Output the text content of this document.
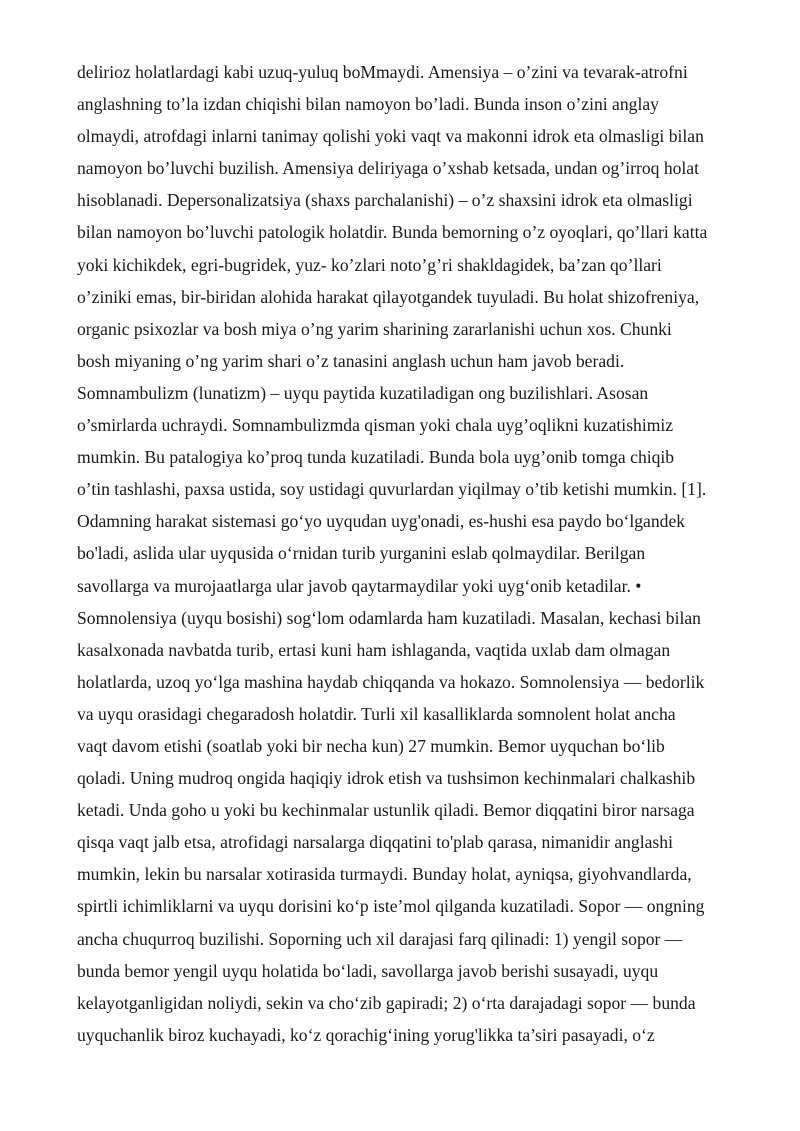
delirioz holatlardagi kabi uzuq-yuluq boMmaydi. Amensiya – o’zini va tevarak-atrofni
anglashning to’la izdan chiqishi bilan namoyon bo’ladi. Bunda inson o’zini anglay
olmaydi, atrofdagi inlarni tanimay qolishi yoki vaqt va makonni idrok eta olmasligi bilan
namoyon bo’luvchi buzilish. Amensiya deliriyaga o’xshab ketsada, undan og’irroq holat
hisoblanadi. Depersonalizatsiya (shaxs parchalanishi) – o’z shaxsini idrok eta olmasligi
bilan namoyon bo’luvchi patologik holatdir. Bunda bemorning o’z oyoqlari, qo’llari katta
yoki kichikdek, egri-bugridek, yuz- ko’zlari noto’g’ri shakldagidek, ba’zan qo’llari
o’ziniki emas, bir-biridan alohida harakat qilayotgandek tuyuladi. Bu holat shizofreniya,
organic psixozlar va bosh miya o’ng yarim sharining zararlanishi uchun xos. Chunki
bosh miyaning o’ng yarim shari o’z tanasini anglash uchun ham javob beradi.
Somnambulizm (lunatizm) – uyqu paytida kuzatiladigan ong buzilishlari. Asosan
o’smirlarda uchraydi. Somnambulizmda qisman yoki chala uyg’oqlikni kuzatishimiz
mumkin. Bu patalogiya ko’proq tunda kuzatiladi. Bunda bola uyg’onib tomga chiqib
o’tin tashlashi, paxsa ustida, soy ustidagi quvurlardan yiqilmay o’tib ketishi mumkin. [1].
Odamning harakat sistemasi go‘yo uyqudan uyg'onadi, es-hushi esa paydo bo‘lgandek
bo'ladi, aslida ular uyqusida o‘rnidan turib yurganini eslab qolmaydilar. Berilgan
savollarga va murojaatlarga ular javob qaytarmaydilar yoki uyg‘onib ketadilar. •
Somnolensiya (uyqu bosishi) sog‘lom odamlarda ham kuzatiladi. Masalan, kechasi bilan
kasalxonada navbatda turib, ertasi kuni ham ishlaganda, vaqtida uxlab dam olmagan
holatlarda, uzoq yo‘lga mashina haydab chiqqanda va hokazo. Somnolensiya — bedorlik
va uyqu orasidagi chegaradosh holatdir. Turli xil kasalliklarda somnolent holat ancha
vaqt davom etishi (soatlab yoki bir necha kun) 27 mumkin. Bemor uyquchan bo‘lib
qoladi. Uning mudroq ongida haqiqiy idrok etish va tushsimon kechinmalari chalkashib
ketadi. Unda goho u yoki bu kechinmalar ustunlik qiladi. Bemor diqqatini biror narsaga
qisqa vaqt jalb etsa, atrofidagi narsalarga diqqatini to'plab qarasa, nimanidir anglashi
mumkin, lekin bu narsalar xotirasida turmaydi. Bunday holat, ayniqsa, giyohvandlarda,
spirtli ichimliklarni va uyqu dorisini ko‘p iste’mol qilganda kuzatiladi. Sopor — ongning
ancha chuqurroq buzilishi. Soporning uch xil darajasi farq qilinadi: 1) yengil sopor —
bunda bemor yengil uyqu holatida bo‘ladi, savollarga javob berishi susayadi, uyqu
kelayotganligidan noliydi, sekin va cho‘zib gapiradi; 2) o‘rta darajadagi sopor — bunda
uyquchanlik biroz kuchayadi, ko‘z qorachig‘ining yorug'likka ta’siri pasayadi, o‘z
